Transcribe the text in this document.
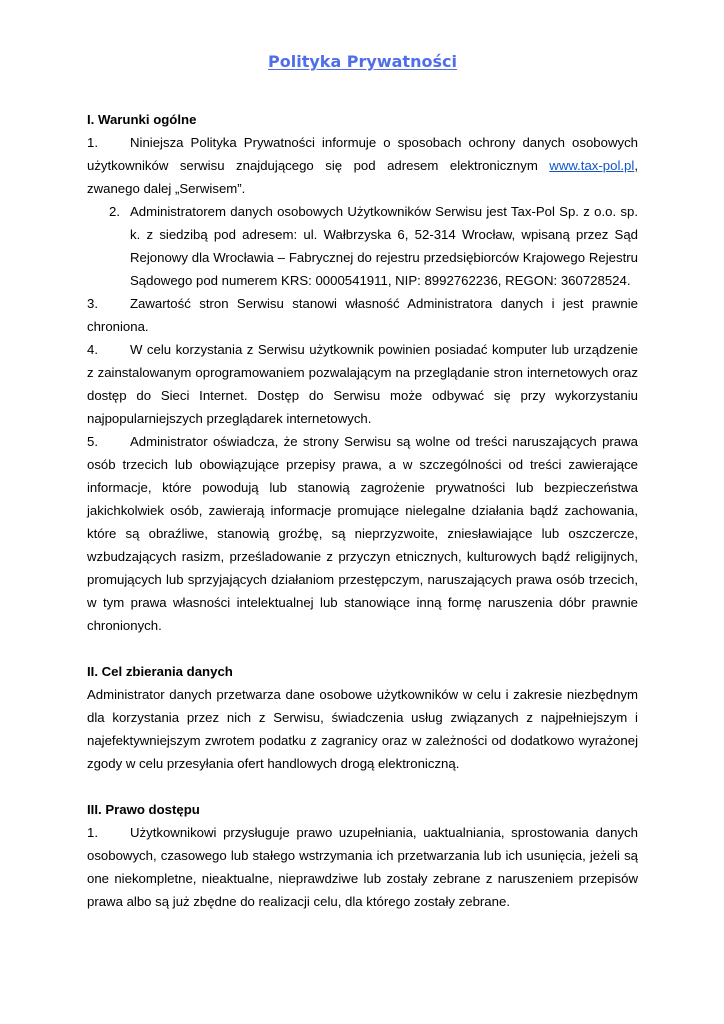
Polityka Prywatności

I. Warunki ogólne

1. Niniejsza Polityka Prywatności informuje o sposobach ochrony danych osobowych użytkowników serwisu znajdującego się pod adresem elektronicznym www.tax-pol.pl, zwanego dalej „Serwisem”.

2. Administratorem danych osobowych Użytkowników Serwisu jest Tax-Pol Sp. z o.o. sp. k. z siedzibą pod adresem: ul. Wałbrzyska 6, 52-314 Wrocław, wpisaną przez Sąd Rejonowy dla Wrocławia – Fabrycznej do rejestru przedsiębiorców Krajowego Rejestru Sądowego pod numerem KRS: 0000541911, NIP: 8992762236, REGON: 360728524.

3. Zawartość stron Serwisu stanowi własność Administratora danych i jest prawnie chroniona.

4. W celu korzystania z Serwisu użytkownik powinien posiadać komputer lub urządzenie z zainstalowanym oprogramowaniem pozwalającym na przeglądanie stron internetowych oraz dostęp do Sieci Internet. Dostęp do Serwisu może odbywać się przy wykorzystaniu najpopularniejszych przeglądarek internetowych.

5. Administrator oświadcza, że strony Serwisu są wolne od treści naruszających prawa osób trzecich lub obowiązujące przepisy prawa, a w szczególności od treści zawierające informacje, które powodują lub stanowią zagrożenie prywatności lub bezpieczeństwa jakichkolwiek osób, zawierają informacje promujące nielegalne działania bądź zachowania, które są obraźliwe, stanowią groźbę, są nieprzyzwoite, zniesławiające lub oszczercze, wzbudzających rasizm, prześladowanie z przyczyn etnicznych, kulturowych bądź religijnych, promujących lub sprzyjających działaniom przestępczym, naruszających prawa osób trzecich, w tym prawa własności intelektualnej lub stanowiące inną formę naruszenia dóbr prawnie chronionych.

II. Cel zbierania danych

Administrator danych przetwarza dane osobowe użytkowników w celu i zakresie niezbędnym dla korzystania przez nich z Serwisu, świadczenia usług związanych z najpełniejszym i najefektywniejszym zwrotem podatku z zagranicy oraz w zależności od dodatkowo wyrażonej zgody w celu przesyłania ofert handlowych drogą elektroniczną.

III. Prawo dostępu

1. Użytkownikowi przysługuje prawo uzupełniania, uaktualniania, sprostowania danych osobowych, czasowego lub stałego wstrzymania ich przetwarzania lub ich usunięcia, jeżeli są one niekompletne, nieaktualne, nieprawdziwe lub zostały zebrane z naruszeniem przepisów prawa albo są już zbędne do realizacji celu, dla którego zostały zebrane.
